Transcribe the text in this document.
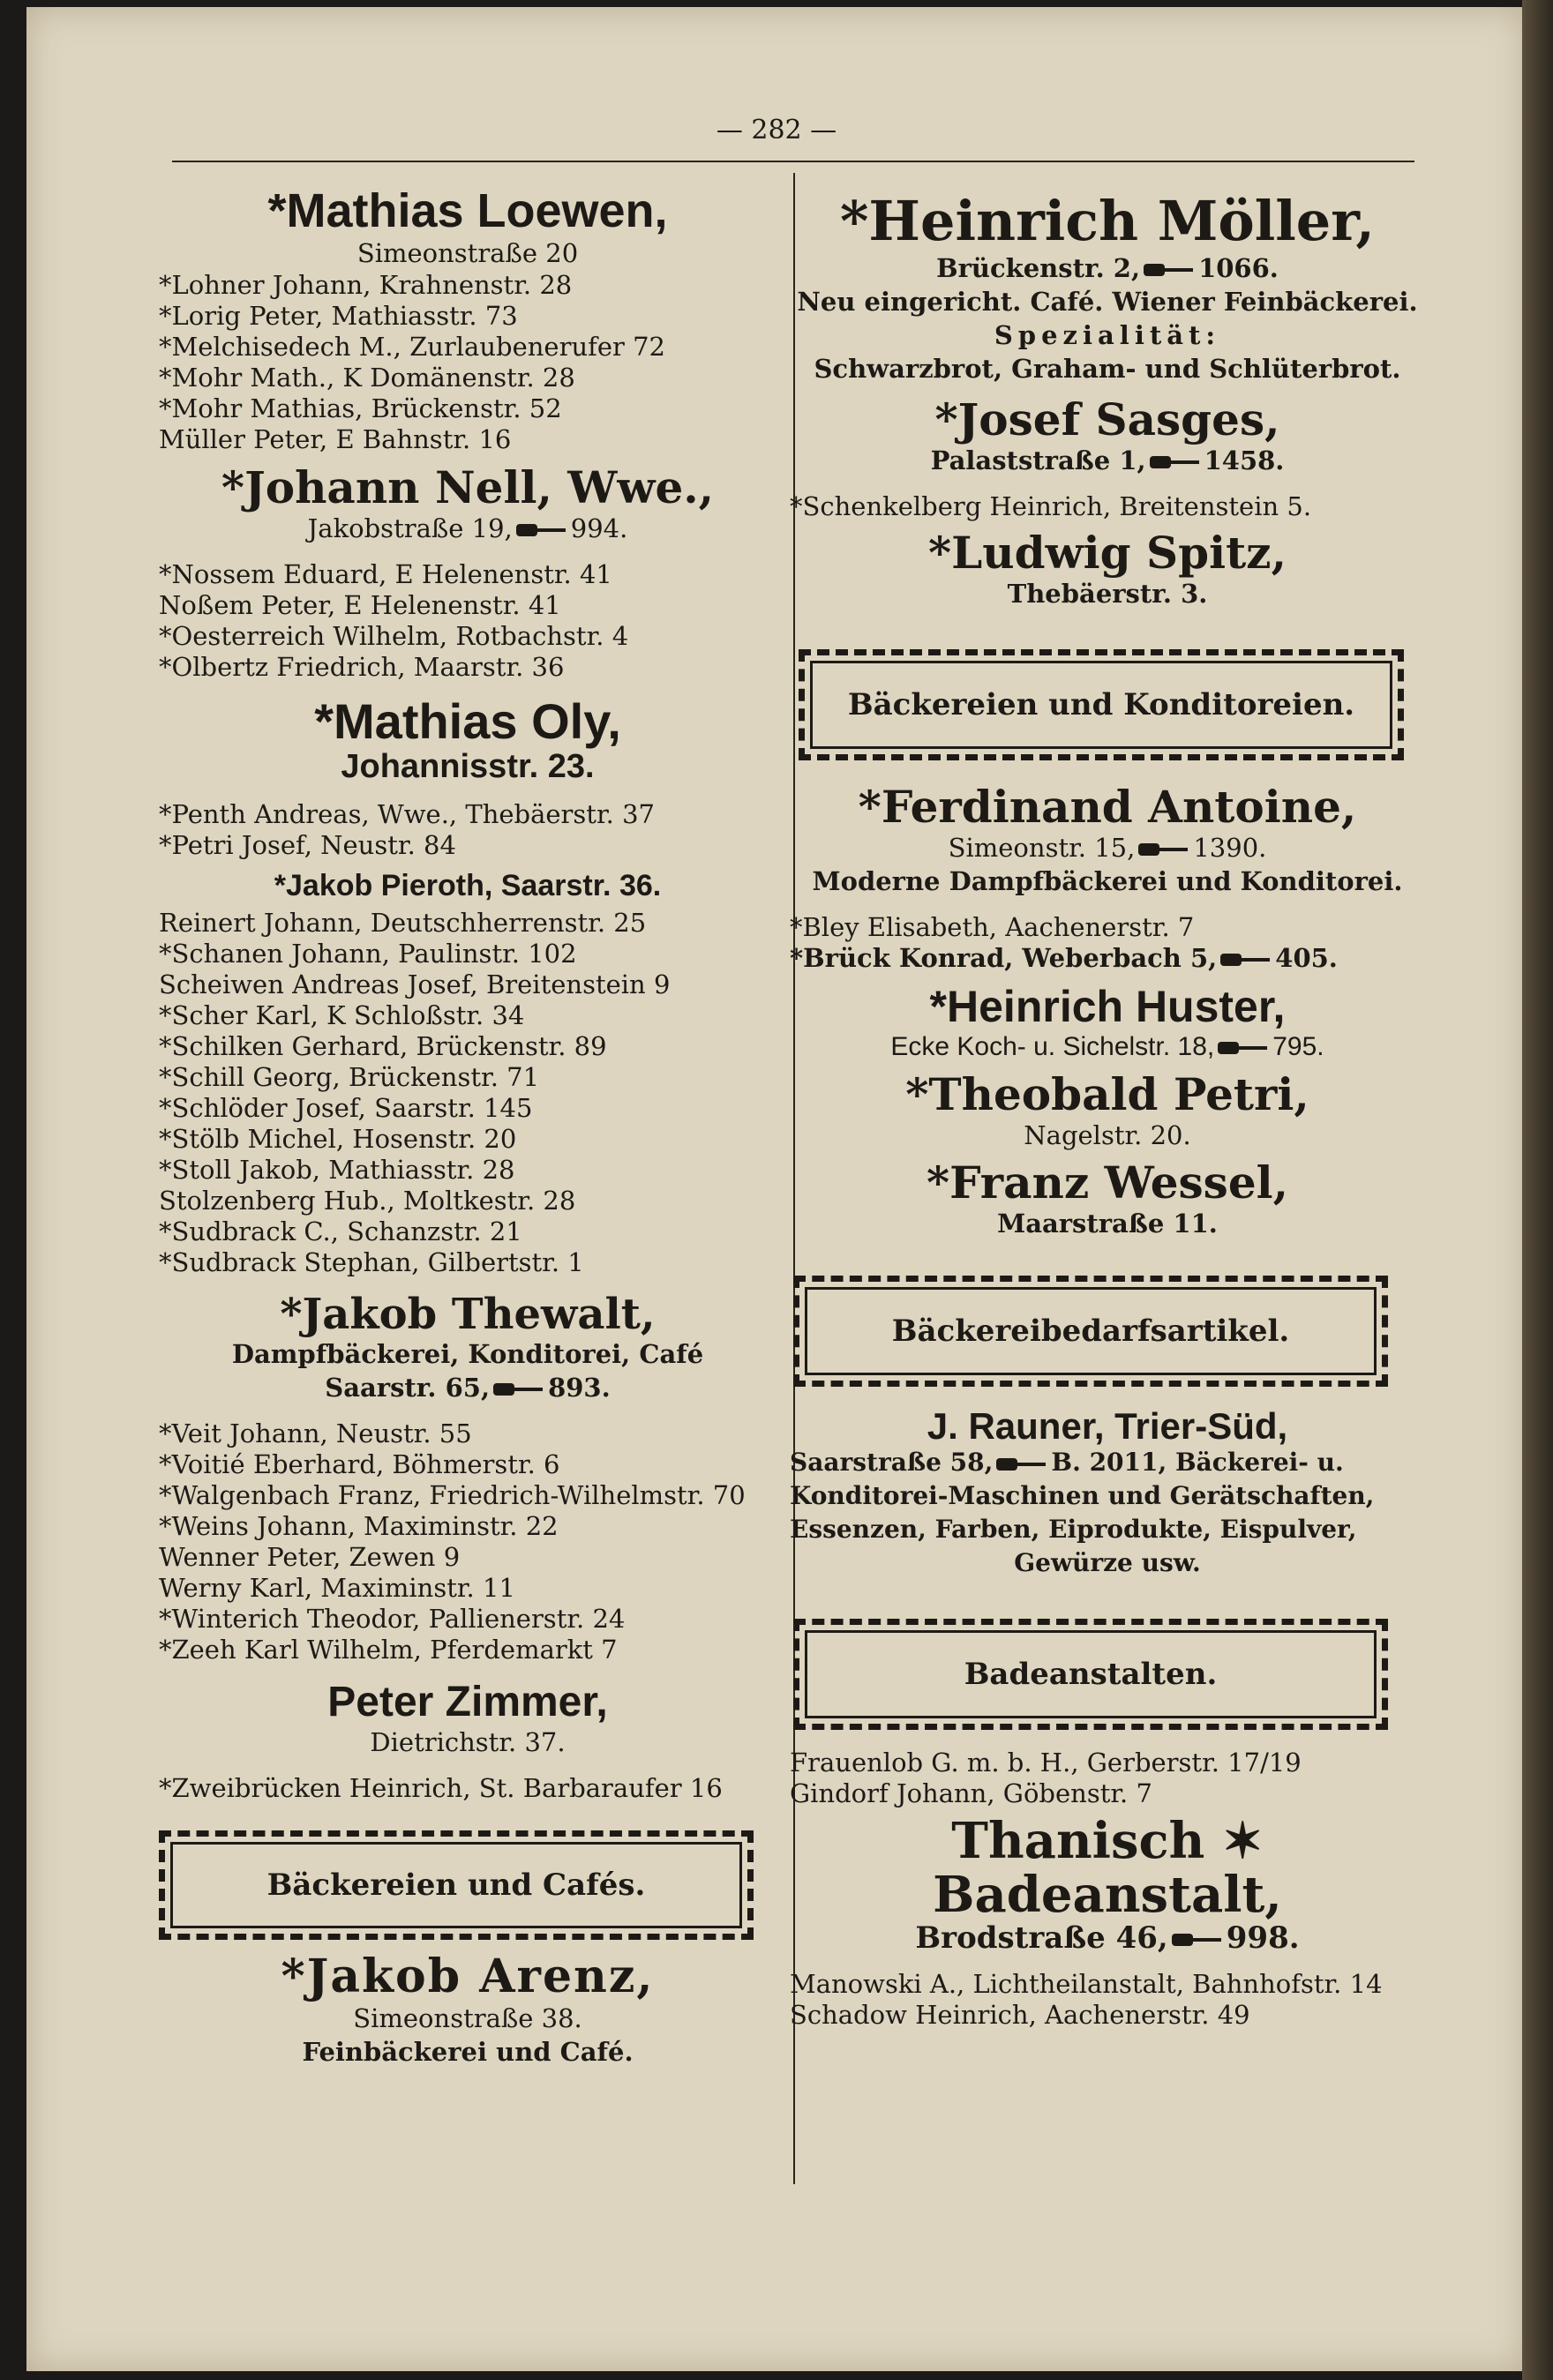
— 282 —
*Mathias Loewen,
Simeonstraße 20
*Lohner Johann, Krahnenstr. 28
*Lorig Peter, Mathiasstr. 73
*Melchisedech M., Zurlaubenerufer 72
*Mohr Math., K Domänenstr. 28
*Mohr Mathias, Brückenstr. 52
Müller Peter, E Bahnstr. 16
*Johann Nell, Wwe.,
Jakobstraße 19, 994.
*Nossem Eduard, E Helenenstr. 41
Noßem Peter, E Helenenstr. 41
*Oesterreich Wilhelm, Rotbachstr. 4
*Olbertz Friedrich, Maarstr. 36
*Mathias Oly,
Johannisstr. 23.
*Penth Andreas, Wwe., Thebäerstr. 37
*Petri Josef, Neustr. 84
*Jakob Pieroth, Saarstr. 36.
Reinert Johann, Deutschherrenstr. 25
*Schanen Johann, Paulinstr. 102
Scheiwen Andreas Josef, Breitenstein 9
*Scher Karl, K Schloßstr. 34
*Schilken Gerhard, Brückenstr. 89
*Schill Georg, Brückenstr. 71
*Schlöder Josef, Saarstr. 145
*Stölb Michel, Hosenstr. 20
*Stoll Jakob, Mathiasstr. 28
Stolzenberg Hub., Moltkestr. 28
*Sudbrack C., Schanzstr. 21
*Sudbrack Stephan, Gilbertstr. 1
*Jakob Thewalt,
Dampfbäckerei, Konditorei, Café
Saarstr. 65, 893.
*Veit Johann, Neustr. 55
*Voitié Eberhard, Böhmerstr. 6
*Walgenbach Franz, Friedrich-Wilhelmstr. 70
*Weins Johann, Maximinstr. 22
Wenner Peter, Zewen 9
Werny Karl, Maximinstr. 11
*Winterich Theodor, Pallienerstr. 24
*Zeeh Karl Wilhelm, Pferdemarkt 7
Peter Zimmer,
Dietrichstr. 37.
*Zweibrücken Heinrich, St. Barbaraufer 16
Bäckereien und Cafés.
*Jakob Arenz,
Simeonstraße 38.
Feinbäckerei und Café.
*Heinrich Möller,
Brückenstr. 2, 1066.
Neu eingericht. Café. Wiener Feinbäckerei.
Spezialität:
Schwarzbrot, Graham- und Schlüterbrot.
*Josef Sasges,
Palaststraße 1, 1458.
*Schenkelberg Heinrich, Breitenstein 5.
*Ludwig Spitz,
Thebäerstr. 3.
Bäckereien und Konditoreien.
*Ferdinand Antoine,
Simeonstr. 15, 1390.
Moderne Dampfbäckerei und Konditorei.
*Bley Elisabeth, Aachenerstr. 7
*Brück Konrad, Weberbach 5, 405.
*Heinrich Huster,
Ecke Koch- u. Sichelstr. 18, 795.
*Theobald Petri,
Nagelstr. 20.
*Franz Wessel,
Maarstraße 11.
Bäckereibedarfsartikel.
J. Rauner, Trier-Süd,
Saarstraße 58, B. 2011, Bäckerei- u.
Konditorei-Maschinen und Gerätschaften,
Essenzen, Farben, Eiprodukte, Eispulver,
Gewürze usw.
Badeanstalten.
Frauenlob G. m. b. H., Gerberstr. 17/19
Gindorf Johann, Göbenstr. 7
Thanisch ✶ Badeanstalt,
Brodstraße 46, 998.
Manowski A., Lichtheilanstalt, Bahnhofstr. 14
Schadow Heinrich, Aachenerstr. 49
